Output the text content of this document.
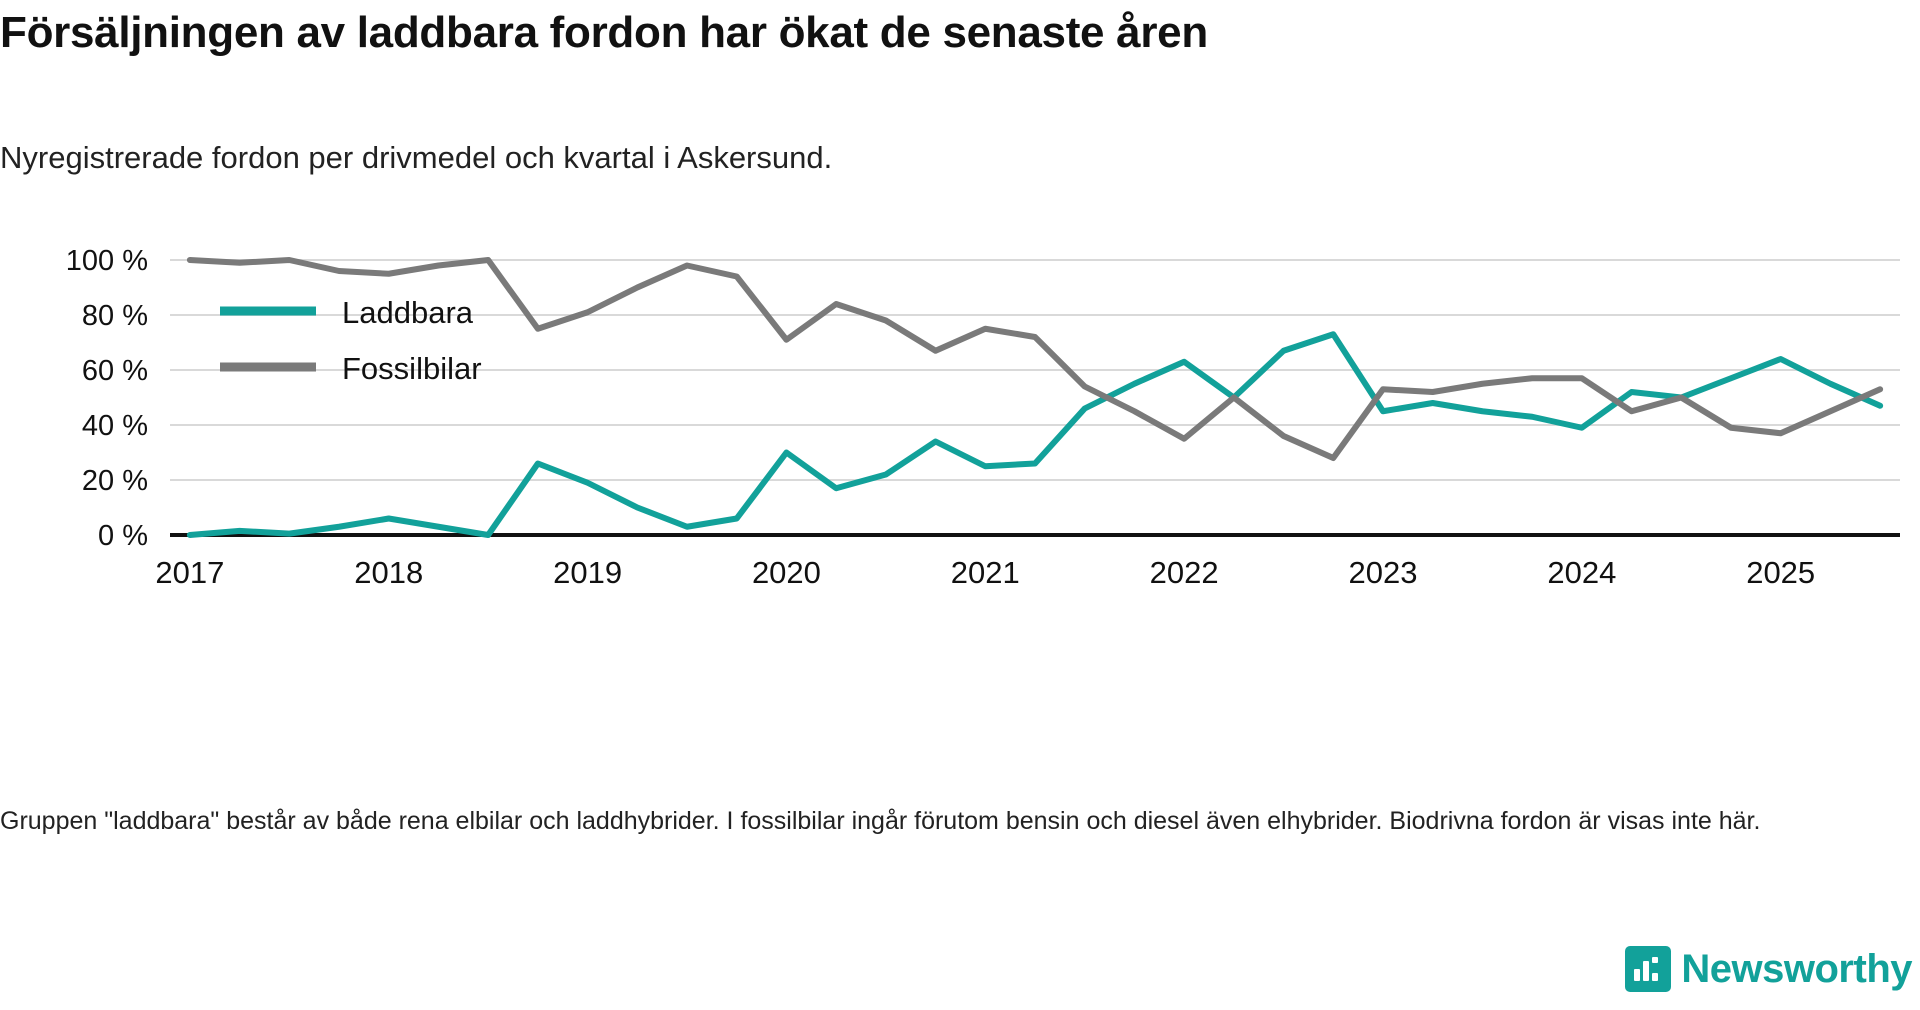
Försäljningen av laddbara fordon har ökat de senaste åren
Nyregistrerade fordon per drivmedel och kvartal i Askersund.
0 %
20 %
40 %
60 %
80 %
100 %
2017	2018	2019	2020	2021	2022	2023	2024	2025
Laddbara
Fossilbilar
Gruppen "laddbara" består av både rena elbilar och laddhybrider. I fossilbilar ingår förutom bensin och diesel även elhybrider. Biodrivna fordon är visas inte här.
Newsworthy
